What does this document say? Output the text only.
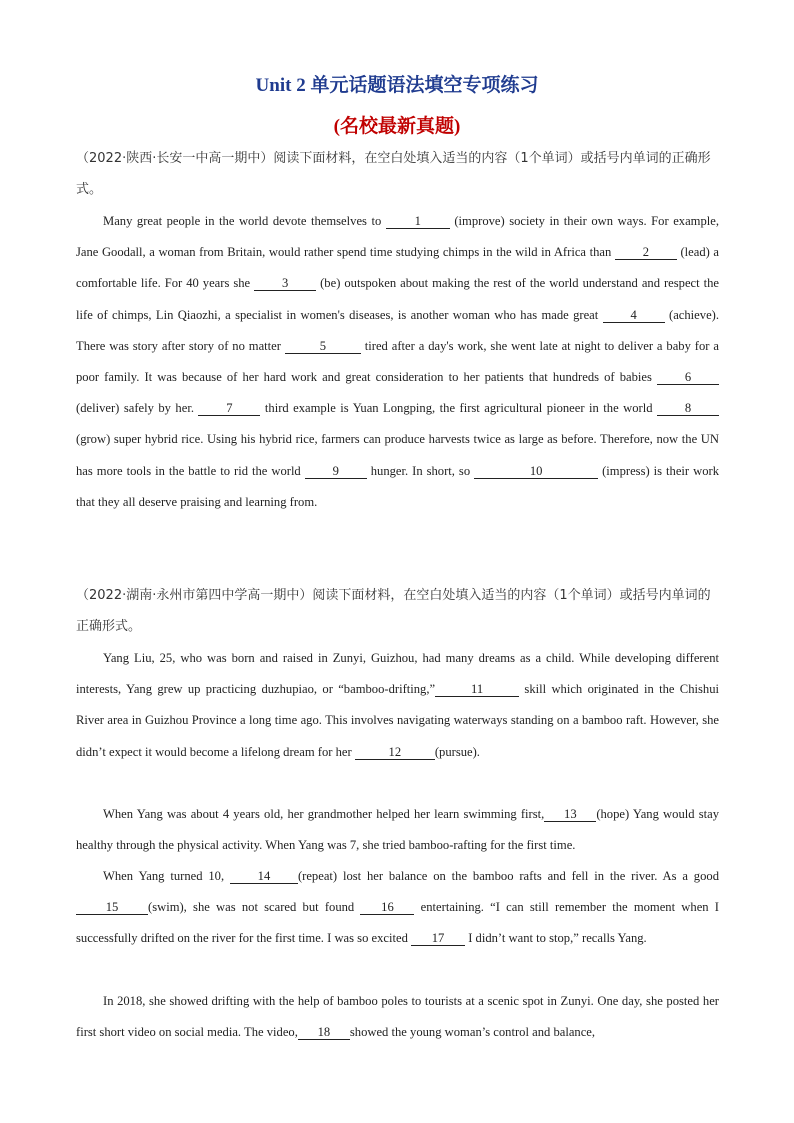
Unit 2 单元话题语法填空专项练习
(名校最新真题)
（2022·陕西·长安一中高一期中）阅读下面材料，在空白处填入适当的内容（1个单词）或括号内单词的正确形式。
Many great people in the world devote themselves to 1 (improve) society in their own ways. For example, Jane Goodall, a woman from Britain, would rather spend time studying chimps in the wild in Africa than 2 (lead) a comfortable life. For 40 years she 3 (be) outspoken about making the rest of the world understand and respect the life of chimps, Lin Qiaozhi, a specialist in women's diseases, is another woman who has made great 4 (achieve). There was story after story of no matter	5	tired after a day's work, she went late at night to deliver a baby for a poor family. It was because of her hard work and great consideration to her patients that hundreds of babies 6 (deliver) safely by her. 7 third example is Yuan Longping, the first agricultural pioneer in the world 8 (grow) super hybrid rice. Using his hybrid rice, farmers can produce harvests twice as large as before. Therefore, now the UN has more tools in the battle to rid the world 9 hunger. In short, so	10	(impress) is their work that they all deserve praising and learning from.
（2022·湖南·永州市第四中学高一期中）阅读下面材料，在空白处填入适当的内容（1个单词）或括号内单词的正确形式。
Yang Liu, 25, who was born and raised in Zunyi, Guizhou, had many dreams as a child. While developing different interests, Yang grew up practicing duzhupiao, or “bamboo-drifting,”	11	skill which originated in the Chishui River area in Guizhou Province a long time ago. This involves navigating waterways standing on a bamboo raft. However, she didn’t expect it would become a lifelong dream for her	12	(pursue).
When Yang was about 4 years old, her grandmother helped her learn swimming first, 13 (hope) Yang would stay healthy through the physical activity. When Yang was 7, she tried bamboo-rafting for the first time.
When Yang turned 10, 14 (repeat) lost her balance on the bamboo rafts and fell in the river. As a good 15 (swim), she was not scared but found 16 entertaining. “I can still remember the moment when I successfully drifted on the river for the first time. I was so excited 17 I didn’t want to stop,” recalls Yang.
In 2018, she showed drifting with the help of bamboo poles to tourists at a scenic spot in Zunyi. One day, she posted her first short video on social media. The video, 18 showed the young woman’s control and balance,
